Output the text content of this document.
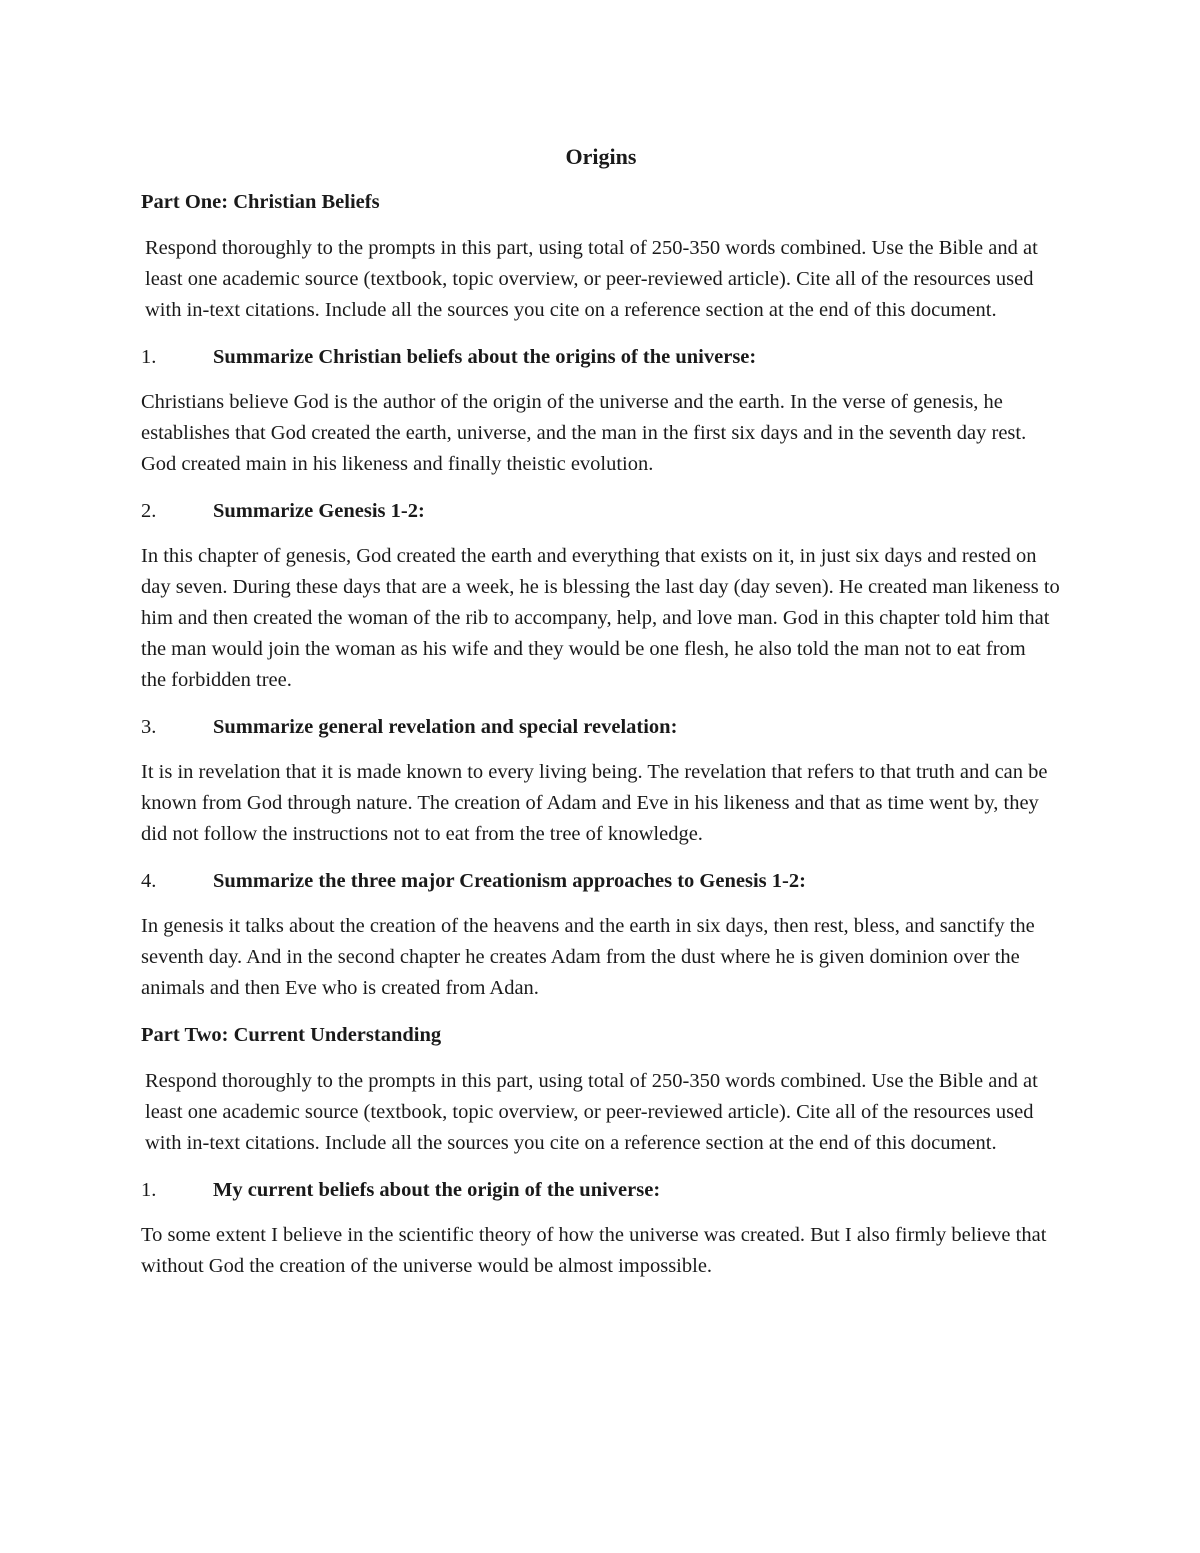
Origins
Part One: Christian Beliefs

Respond thoroughly to the prompts in this part, using total of 250-350 words combined. Use the Bible and at least one academic source (textbook, topic overview, or peer-reviewed article). Cite all of the resources used with in-text citations. Include all the sources you cite on a reference section at the end of this document.

1.	Summarize Christian beliefs about the origins of the universe:

Christians believe God is the author of the origin of the universe and the earth. In the verse of genesis, he establishes that God created the earth, universe, and the man in the first six days and in the seventh day rest. God created main in his likeness and finally theistic evolution.

2.	Summarize Genesis 1-2:

In this chapter of genesis, God created the earth and everything that exists on it, in just six days and rested on day seven. During these days that are a week, he is blessing the last day (day seven). He created man likeness to him and then created the woman of the rib to accompany, help, and love man. God in this chapter told him that the man would join the woman as his wife and they would be one flesh, he also told the man not to eat from     the forbidden tree.

3.	Summarize general revelation and special revelation:

It is in revelation that it is made known to every living being. The revelation that refers to that truth and can be known from God through nature. The creation of Adam and Eve in his likeness and that as time went by, they did not follow the instructions not to eat from the tree of knowledge.

4.	Summarize the three major Creationism approaches to Genesis 1-2:

In genesis it talks about the creation of the heavens and the earth in six days, then rest, bless, and sanctify the seventh day. And in the second chapter he creates Adam from the dust where he is given dominion over the animals and then Eve who is created from Adan.

Part Two: Current Understanding

Respond thoroughly to the prompts in this part, using total of 250-350 words combined. Use the Bible and at least one academic source (textbook, topic overview, or peer-reviewed article). Cite all of the resources used with in-text citations. Include all the sources you cite on a reference section at the end of this document.

1.	My current beliefs about the origin of the universe:

To some extent I believe in the scientific theory of how the universe was created. But I also firmly believe that without God the creation of the universe would be almost impossible.
